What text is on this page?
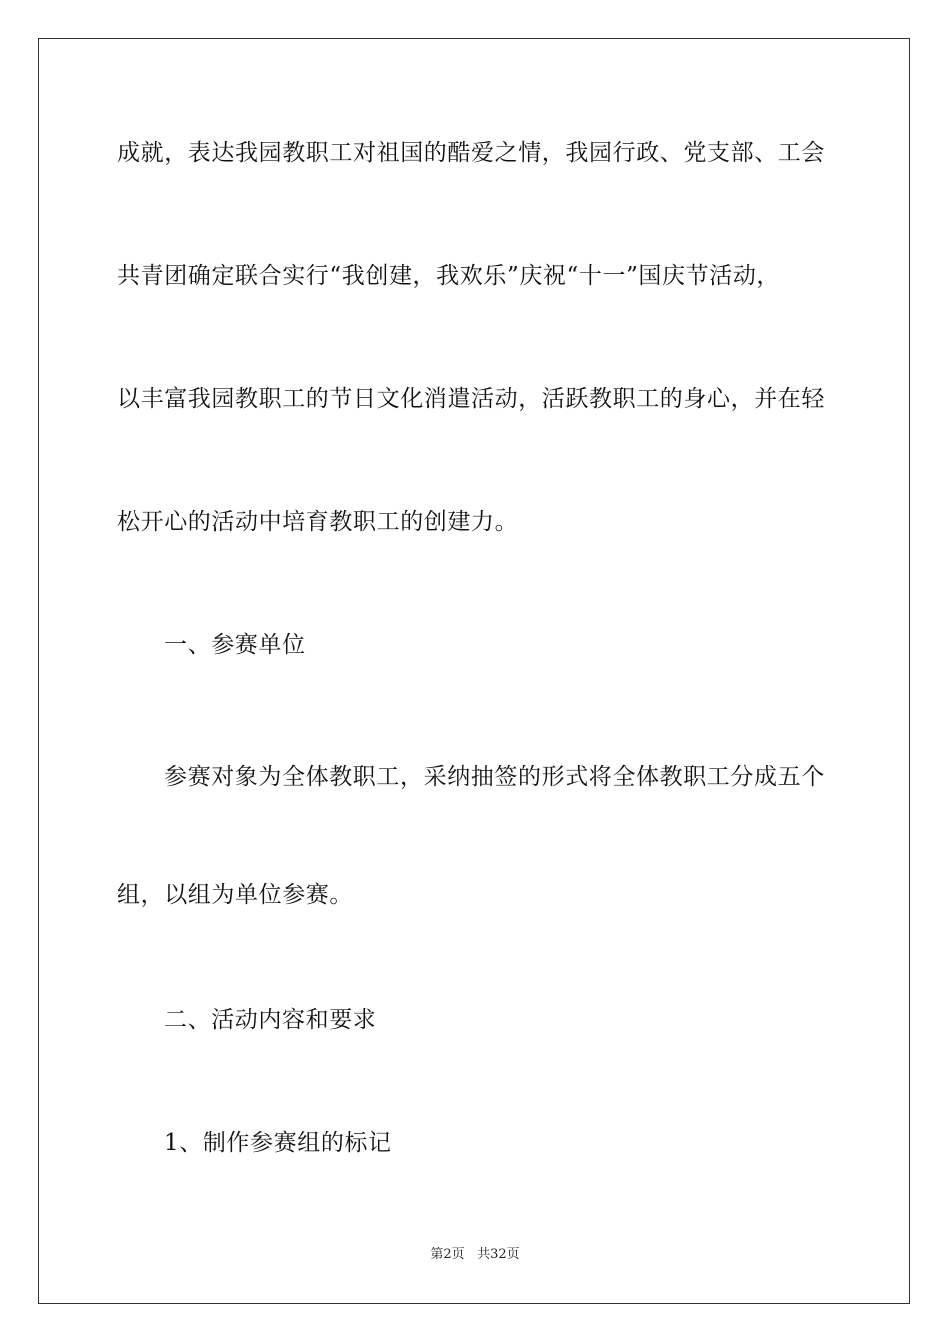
成就，表达我园教职工对祖国的酷爱之情，我园行政、党支部、工会
共青团确定联合实行“我创建，我欢乐”庆祝“十一”国庆节活动，
以丰富我园教职工的节日文化消遣活动，活跃教职工的身心，并在轻
松开心的活动中培育教职工的创建力。
一、参赛单位
参赛对象为全体教职工，采纳抽签的形式将全体教职工分成五个
组，以组为单位参赛。
二、活动内容和要求
1、制作参赛组的标记
第2页 共32页
